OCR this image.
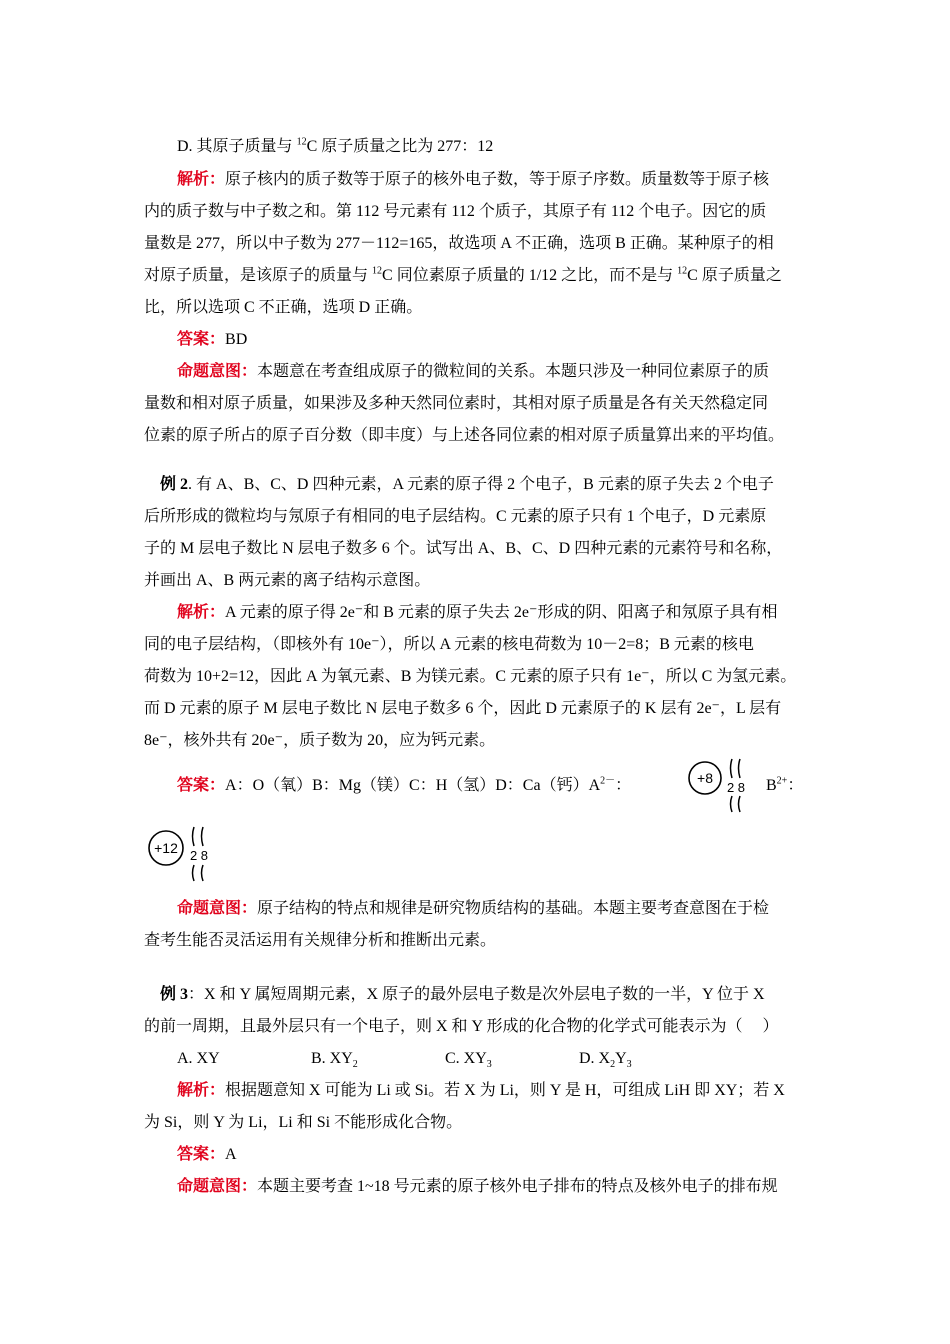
D. 其原子质量与 $^{12}$C 原子质量之比为 277：12
解析：原子核内的质子数等于原子的核外电子数，等于原子序数。质量数等于原子核
内的质子数与中子数之和。第 112 号元素有 112 个质子，其原子有 112 个电子。因它的质
量数是 277，所以中子数为 277－112=165，故选项 A 不正确，选项 B 正确。某种原子的相
对原子质量，是该原子的质量与 $^{12}$C 同位素原子质量的 1/12 之比，而不是与 $^{12}$C 原子质量之
比，所以选项 C 不正确，选项 D 正确。
答案：BD
命题意图：本题意在考查组成原子的微粒间的关系。本题只涉及一种同位素原子的质
量数和相对原子质量，如果涉及多种天然同位素时，其相对原子质量是各有关天然稳定同
位素的原子所占的原子百分数（即丰度）与上述各同位素的相对原子质量算出来的平均值。
例 2. 有 A、B、C、D 四种元素，A 元素的原子得 2 个电子，B 元素的原子失去 2 个电子
后所形成的微粒均与氖原子有相同的电子层结构。C 元素的原子只有 1 个电子，D 元素原
子的 M 层电子数比 N 层电子数多 6 个。试写出 A、B、C、D 四种元素的元素符号和名称，
并画出 A、B 两元素的离子结构示意图。
解析：A 元素的原子得 2e⁻和 B 元素的原子失去 2e⁻形成的阴、阳离子和氖原子具有相
同的电子层结构，（即核外有 10e⁻），所以 A 元素的核电荷数为 10－2=8；B 元素的核电
荷数为 10+2=12，因此 A 为氧元素、B 为镁元素。C 元素的原子只有 1e⁻，所以 C 为氢元素。
而 D 元素的原子 M 层电子数比 N 层电子数多 6 个，因此 D 元素原子的 K 层有 2e⁻，L 层有
8e⁻，核外共有 20e⁻，质子数为 20，应为钙元素。
答案：A：O（氧）B：Mg（镁）C：H（氢）D：Ca（钙）$A^{2-}$：	$B^{2+}$：
+8
2 8
+12 2 8
命题意图：原子结构的特点和规律是研究物质结构的基础。本题主要考查意图在于检
查考生能否灵活运用有关规律分析和推断出元素。
例 3：X 和 Y 属短周期元素，X 原子的最外层电子数是次外层电子数的一半，Y 位于 X
的前一周期，且最外层只有一个电子，则 X 和 Y 形成的化合物的化学式可能表示为（　 ）
A. XY	B. $XY_2$	C. $XY_3$	D. $X_2Y_3$
解析：根据题意知 X 可能为 Li 或 Si。若 X 为 Li，则 Y 是 H，可组成 LiH 即 XY；若 X
为 Si，则 Y 为 Li，Li 和 Si 不能形成化合物。
答案：A
命题意图：本题主要考查 1~18 号元素的原子核外电子排布的特点及核外电子的排布规
